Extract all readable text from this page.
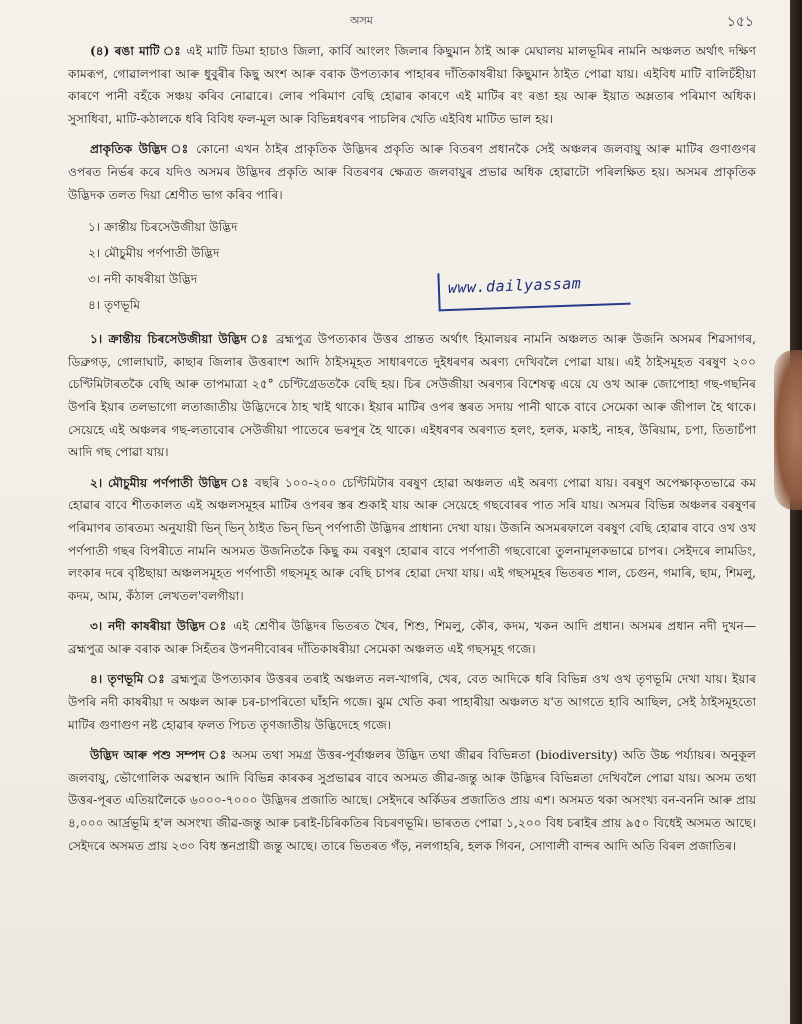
অসম	১৫১

(৪) ৰঙা মাটি ঃ এই মাটি ডিমা হাচাও জিলা, কাৰ্বি আংলং জিলাৰ কিছুমান ঠাই আৰু মেঘালয় মালভূমিৰ নামনি অঞ্চলত অৰ্থাৎ দক্ষিণ কামৰূপ, গোৱালপাৰা আৰু ধুবুৰীৰ কিছু অংশ আৰু বৰাক উপত্যকাৰ পাহাৰৰ দাঁতিকাষৰীয়া কিছুমান ঠাইত পোৱা যায়। এইবিধ মাটি বালিচঁহীয়া কাৰণে পানী বহঁকে সঞ্চয় কৰিব নোৱাৰে। লোৰ পৰিমাণ বেছি হোৱাৰ কাৰণে এই মাটিৰ ৰং ৰঙা হয় আৰু ইয়াত অম্লতাৰ পৰিমাণ অধিক। সুসাধিবা, মাটি-কঠালকে ধৰি বিবিধ ফল-মূল আৰু বিভিন্নধৰণৰ পাচলিৰ খেতি এইবিধ মাটিত ভাল হয়।

প্ৰাকৃতিক উদ্ভিদ ঃ কোনো এখন ঠাইৰ প্ৰাকৃতিক উদ্ভিদৰ প্ৰকৃতি আৰু বিতৰণ প্ৰধানকৈ সেই অঞ্চলৰ জলবায়ু আৰু মাটিৰ গুণাগুণৰ ওপৰত নিৰ্ভৰ কৰে যদিও অসমৰ উদ্ভিদৰ প্ৰকৃতি আৰু বিতৰণৰ ক্ষেত্ৰত জলবায়ুৰ প্ৰভাৱ অধিক হোৱাটো পৰিলক্ষিত হয়। অসমৰ প্ৰাকৃতিক উদ্ভিদক তলত দিয়া শ্ৰেণীত ভাগ কৰিব পাৰি।

১। ক্ৰান্তীয় চিৰসেউজীয়া উদ্ভিদ
২। মৌচুমীয় পৰ্ণপাতী উদ্ভিদ
৩। নদী কাষৰীয়া উদ্ভিদ
৪। তৃণভূমি

১। ক্ৰান্তীয় চিৰসেউজীয়া উদ্ভিদ ঃ ব্ৰহ্মপুত্ৰ উপত্যকাৰ উত্তৰ প্ৰান্তত অৰ্থাৎ হিমালয়ৰ নামনি অঞ্চলত আৰু উজনি অসমৰ শিৱসাগৰ, ডিব্ৰুগড়, গোলাঘাট, কাছাৰ জিলাৰ উত্তৰাংশ আদি ঠাইসমূহত সাধাৰণতে দুইধৰণৰ অৰণ্য দেখিবলৈ পোৱা যায়। এই ঠাইসমূহত বৰষুণ ২০০ চেণ্টিমিটাৰতকৈ বেছি আৰু তাপমাত্ৰা ২৫° চেণ্টিগ্ৰেডতকৈ বেছি হয়। চিৰ সেউজীয়া অৰণ্যৰ বিশেষত্ব এয়ে যে ওখ আৰু জোপোহা গছ-গছনিৰ উপৰি ইয়াৰ তলভাগো লতাজাতীয় উদ্ভিদেৰে ঠাহ খাই থাকে। ইয়াৰ মাটিৰ ওপৰ স্তৰত সদায় পানী থাকে বাবে সেমেকা আৰু জীপাল হৈ থাকে। সেয়েহে এই অঞ্চলৰ গছ-লতাবোৰ সেউজীয়া পাতেৰে ভৰপূৰ হৈ থাকে। এইধৰণৰ অৰণ্যত হলং, হলক, মকাই, নাহৰ, উৰিয়াম, চপা, তিতাচঁপা আদি গছ পোৱা যায়।

২। মৌচুমীয় পৰ্ণপাতী উদ্ভিদ ঃ বছৰি ১০০-২০০ চেণ্টিমিটাৰ বৰষুণ হোৱা অঞ্চলত এই অৰণ্য পোৱা যায়। বৰষুণ অপেক্ষাকৃতভাৱে কম হোৱাৰ বাবে শীতকালত এই অঞ্চলসমূহৰ মাটিৰ ওপৰৰ স্তৰ শুকাই যায় আৰু সেয়েহে গছবোৰৰ পাত সৰি যায়। অসমৰ বিভিন্ন অঞ্চলৰ বৰষুণৰ পৰিমাণৰ তাৰতম্য অনুযায়ী ভিন্ ভিন্ ঠাইত ভিন্ ভিন্ পৰ্ণপাতী উদ্ভিদৰ প্ৰাধান্য দেখা যায়। উজনি অসমৰফালে বৰষুণ বেছি হোৱাৰ বাবে ওখ ওখ পৰ্ণপাতী গছৰ বিপৰীতে নামনি অসমত উজনিতকৈ কিছু কম বৰষুণ হোৱাৰ বাবে পৰ্ণপাতী গছবোৰো তুলনামূলকভাৱে চাপৰ। সেইদৰে লামডিং, লংকাৰ দৰে বৃষ্টিছায়া অঞ্চলসমূহত পৰ্ণপাতী গছসমূহ আৰু বেছি চাপৰ হোৱা দেখা যায়। এই গছসমূহৰ ভিতৰত শাল, চেগুন, গমাৰি, ছাম, শিমলু, কদম, আম, কঁঠাল লেখতল'বলগীয়া।

৩। নদী কাষৰীয়া উদ্ভিদ ঃ এই শ্ৰেণীৰ উদ্ভিদৰ ভিতৰত খৈৰ, শিশু, শিমলু, কৌৰ, কদম, খকন আদি প্ৰধান। অসমৰ প্ৰধান নদী দুখন— ব্ৰহ্মপুত্ৰ আৰু বৰাক আৰু সিহঁতৰ উপনদীবোৰৰ দাঁতিকাষৰীয়া সেমেকা অঞ্চলত এই গছসমূহ গজে।

৪। তৃণভূমি ঃ ব্ৰহ্মপুত্ৰ উপত্যকাৰ উত্তৰৰ তৰাই অঞ্চলত নল-খাগৰি, খেৰ, বেত আদিকে ধৰি বিভিন্ন ওখ ওখ তৃণভূমি দেখা যায়। ইয়াৰ উপৰি নদী কাষৰীয়া দ অঞ্চল আৰু চৰ-চাপৰিতো ঘাঁহনি গজে। ঝুম খেতি কৰা পাহাৰীয়া অঞ্চলত য'ত আগতে হাবি আছিল, সেই ঠাইসমূহতো মাটিৰ গুণাগুণ নষ্ট হোৱাৰ ফলত পিচত তৃণজাতীয় উদ্ভিদেহে গজে।

উদ্ভিদ আৰু পশু সম্পদ ঃ অসম তথা সমগ্ৰ উত্তৰ-পূৰ্বাঞ্চলৰ উদ্ভিদ তথা জীৱৰ বিভিন্নতা (biodiversity) অতি উচ্চ পৰ্য্যায়ৰ। অনুকূল জলবায়ু, ভৌগোলিক অৱস্থান আদি বিভিন্ন কাৰকৰ সুপ্ৰভাৱৰ বাবে অসমত জীৱ-জন্তু আৰু উদ্ভিদৰ বিভিন্নতা দেখিবলৈ পোৱা যায়। অসম তথা উত্তৰ-পূৰত এতিয়ালৈকে ৬০০০-৭০০০ উদ্ভিদৰ প্ৰজাতি আছে। সেইদৰে অৰ্কিডৰ প্ৰজাতিও প্ৰায় এশ। অসমত থকা অসংখ্য বন-বননি আৰু প্ৰায় ৪,০০০ আৰ্দ্ৰভূমি হ'ল অসংখ্য জীৱ-জন্তু আৰু চৰাই-চিৰিকতিৰ বিচৰণভূমি। ভাৰতত পোৱা ১,২০০ বিধ চৰাইৰ প্ৰায় ৯৫০ বিধেই অসমত আছে। সেইদৰে অসমত প্ৰায় ২৩০ বিধ স্তনপ্ৰায়ী জন্তু আছে। তাৰে ভিতৰত গঁড়, নলগাহৰি, হলক গিবন, সোণালী বান্দৰ আদি অতি বিৰল প্ৰজাতিৰ।

www.dailyassam
